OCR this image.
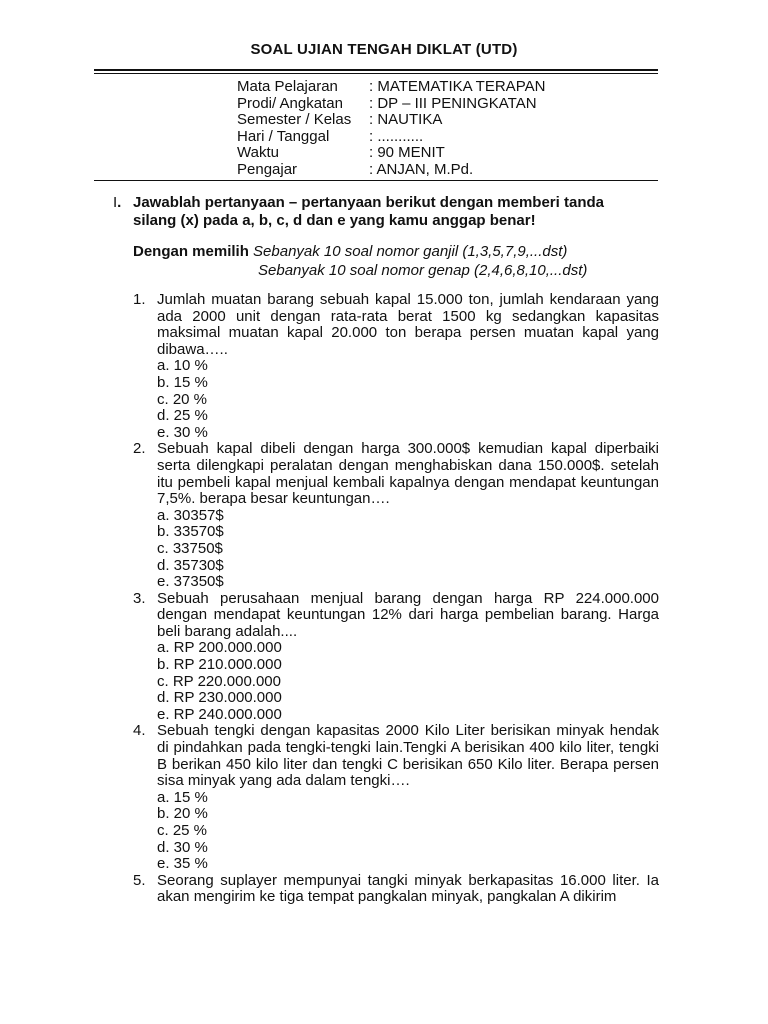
SOAL UJIAN TENGAH DIKLAT (UTD)
Mata Pelajaran	: MATEMATIKA TERAPAN
Prodi/ Angkatan	: DP – III PENINGKATAN
Semester / Kelas	: NAUTIKA
Hari / Tanggal	: ...........
Waktu	: 90 MENIT
Pengajar	: ANJAN, M.Pd.
I. Jawablah pertanyaan – pertanyaan berikut dengan memberi tanda
silang (x) pada a, b, c, d dan e yang kamu anggap benar!
Dengan memilih Sebanyak 10 soal nomor ganjil (1,3,5,7,9,...dst)
Sebanyak 10 soal nomor genap (2,4,6,8,10,...dst)
1. Jumlah muatan barang sebuah kapal 15.000 ton, jumlah kendaraan yang ada 2000 unit dengan rata-rata berat 1500 kg sedangkan kapasitas maksimal muatan kapal 20.000 ton berapa persen muatan kapal yang dibawa…..
a. 10 %
b. 15 %
c. 20 %
d. 25 %
e. 30 %
2. Sebuah kapal dibeli dengan harga 300.000$ kemudian kapal diperbaiki serta dilengkapi peralatan dengan menghabiskan dana 150.000$. setelah itu pembeli kapal menjual kembali kapalnya dengan mendapat keuntungan 7,5%. berapa besar keuntungan….
a. 30357$
b. 33570$
c. 33750$
d. 35730$
e. 37350$
3. Sebuah perusahaan menjual barang dengan harga RP 224.000.000 dengan mendapat keuntungan 12% dari harga pembelian barang. Harga beli barang adalah....
a. RP 200.000.000
b. RP 210.000.000
c. RP 220.000.000
d. RP 230.000.000
e. RP 240.000.000
4. Sebuah tengki dengan kapasitas 2000 Kilo Liter berisikan minyak hendak di pindahkan pada tengki-tengki lain.Tengki A berisikan 400 kilo liter, tengki B berikan 450 kilo liter dan tengki C berisikan 650 Kilo liter. Berapa persen sisa minyak yang ada dalam tengki….
a. 15 %
b. 20 %
c. 25 %
d. 30 %
e. 35 %
5. Seorang suplayer mempunyai tangki minyak berkapasitas 16.000 liter. Ia akan mengirim ke tiga tempat pangkalan minyak, pangkalan A dikirim
